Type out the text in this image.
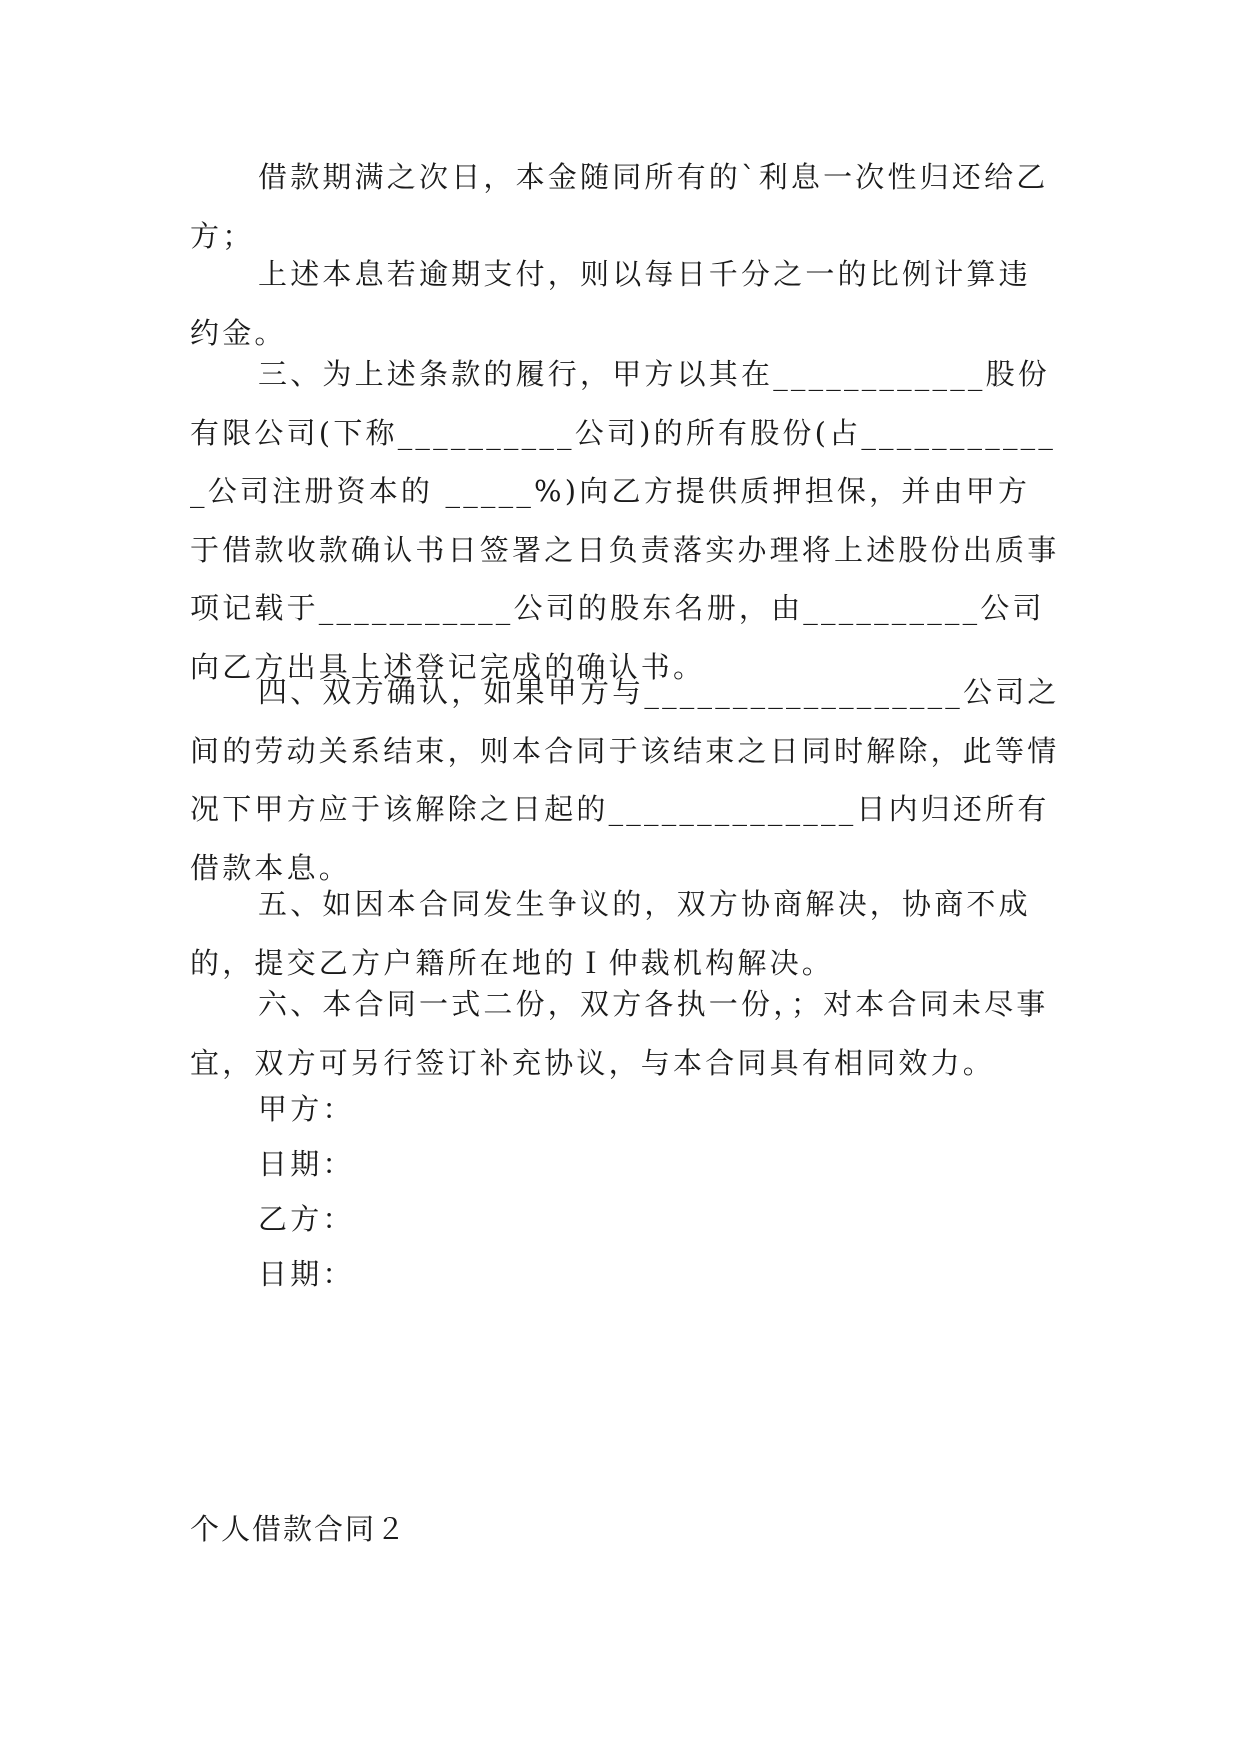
借款期满之次日，本金随同所有的`利息一次性归还给乙方；

上述本息若逾期支付，则以每日千分之一的比例计算违约金。

三、为上述条款的履行，甲方以其在____________股份有限公司(下称__________公司)的所有股份(占____________公司注册资本的 _____%)向乙方提供质押担保，并由甲方于借款收款确认书日签署之日负责落实办理将上述股份出质事项记载于___________公司的股东名册，由__________公司向乙方出具上述登记完成的确认书。

四、双方确认，如果甲方与__________________公司之间的劳动关系结束，则本合同于该结束之日同时解除，此等情况下甲方应于该解除之日起的______________日内归还所有借款本息。

五、如因本合同发生争议的，双方协商解决，协商不成的，提交乙方户籍所在地的Ｉ仲裁机构解决。

六、本合同一式二份，双方各执一份，；对本合同未尽事宜，双方可另行签订补充协议，与本合同具有相同效力。

甲方：

日期：

乙方：

日期：

个人借款合同２
